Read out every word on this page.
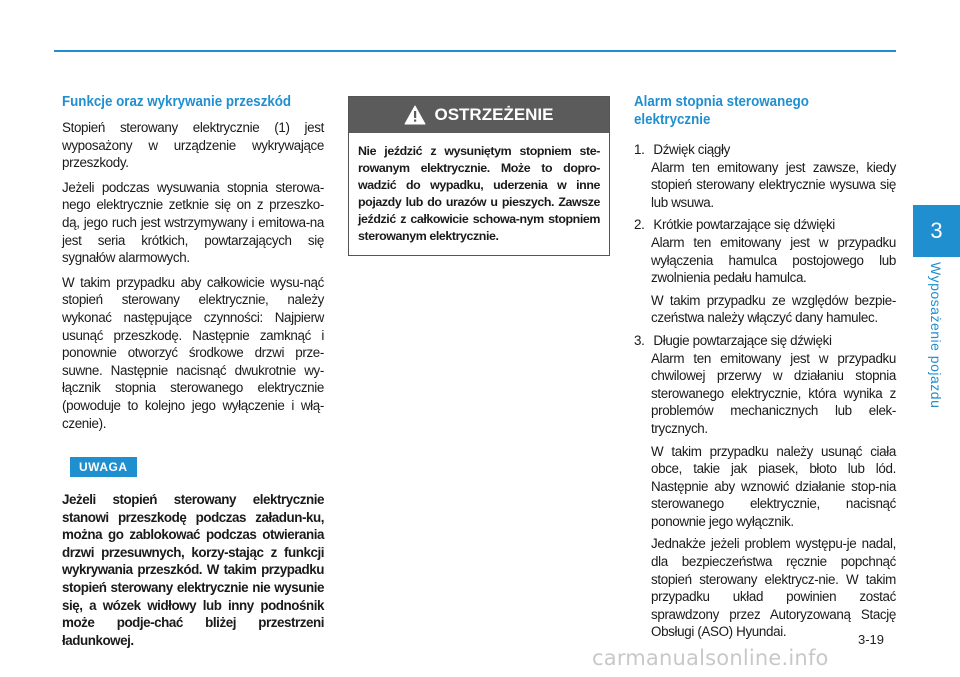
3
Wyposażenie pojazdu
Funkcje oraz wykrywanie przeszkód

Stopień sterowany elektrycznie (1) jest wyposażony w urządzenie wykrywające przeszkody.

Jeżeli podczas wysuwania stopnia sterowa-nego elektrycznie zetknie się on z przeszko-dą, jego ruch jest wstrzymywany i emitowa-na jest seria krótkich, powtarzających się sygnałów alarmowych.

W takim przypadku aby całkowicie wysu-nąć stopień sterowany elektrycznie, należy wykonać następujące czynności: Najpierw usunąć przeszkodę. Następnie zamknąć i ponownie otworzyć środkowe drzwi prze-suwne. Następnie nacisnąć dwukrotnie wy-łącznik stopnia sterowanego elektrycznie (powoduje to kolejno jego wyłączenie i włą-czenie).

UWAGA

Jeżeli stopień sterowany elektrycznie stanowi przeszkodę podczas załadun-ku, można go zablokować podczas otwierania drzwi przesuwnych, korzy-stając z funkcji wykrywania przeszkód. W takim przypadku stopień sterowany elektrycznie nie wysunie się, a wózek widłowy lub inny podnośnik może podje-chać bliżej przestrzeni ładunkowej.

OSTRZEŻENIE

Nie jeździć z wysuniętym stopniem ste-rowanym elektrycznie. Może to dopro-wadzić do wypadku, uderzenia w inne pojazdy lub do urazów u pieszych. Zawsze jeździć z całkowicie schowa-nym stopniem sterowanym elektrycznie.

Alarm stopnia sterowanego
elektrycznie
1. Dźwięk ciągły

Alarm ten emitowany jest zawsze, kiedy stopień sterowany elektrycznie wysuwa się lub wsuwa.

2. Krótkie powtarzające się dźwięki

Alarm ten emitowany jest w przypadku wyłączenia hamulca postojowego lub zwolnienia pedału hamulca.

W takim przypadku ze względów bezpie-czeństwa należy włączyć dany hamulec.

3. Długie powtarzające się dźwięki

Alarm ten emitowany jest w przypadku chwilowej przerwy w działaniu stopnia sterowanego elektrycznie, która wynika z problemów mechanicznych lub elek-trycznych.

W takim przypadku należy usunąć ciała obce, takie jak piasek, błoto lub lód. Następnie aby wznowić działanie stop-nia sterowanego elektrycznie, nacisnąć ponownie jego wyłącznik.

Jednakże jeżeli problem występu-je nadal, dla bezpieczeństwa ręcznie popchnąć stopień sterowany elektrycz-nie. W takim przypadku układ powinien zostać sprawdzony przez Autoryzowaną Stację Obsługi (ASO) Hyundai.

3-19
carmanualsonline.info
